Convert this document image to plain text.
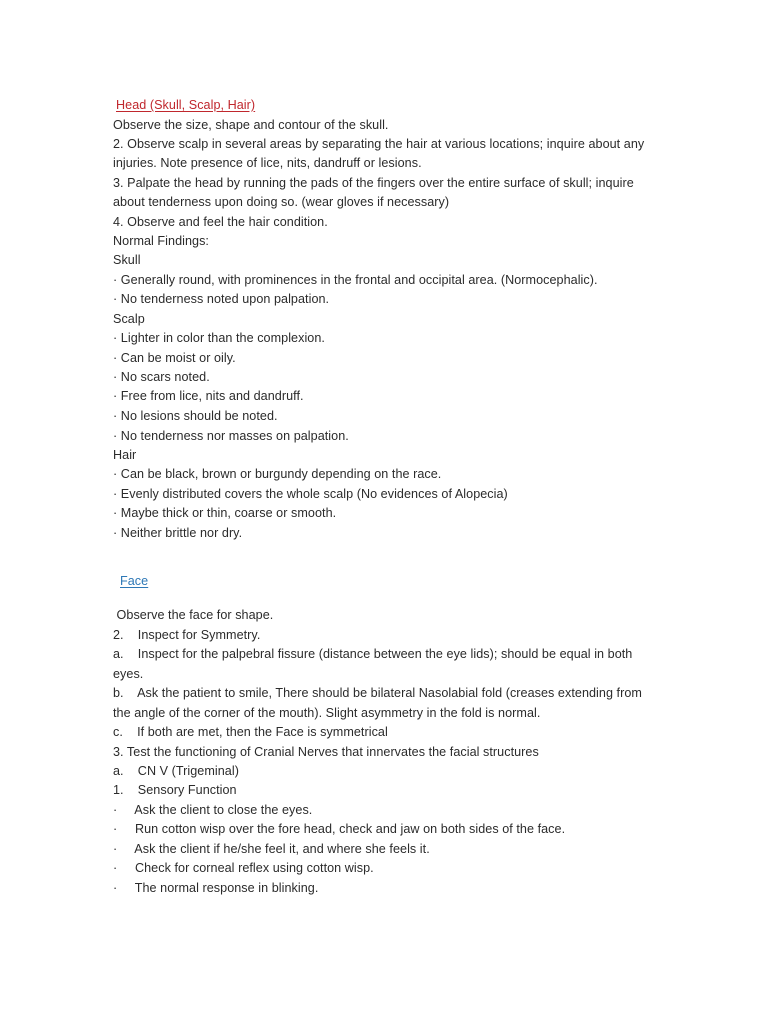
Head (Skull, Scalp, Hair)
Observe the size, shape and contour of the skull.
2. Observe scalp in several areas by separating the hair at various locations; inquire about any
injuries. Note presence of lice, nits, dandruff or lesions.
3. Palpate the head by running the pads of the fingers over the entire surface of skull; inquire
about tenderness upon doing so. (wear gloves if necessary)
4. Observe and feel the hair condition.
Normal Findings:
Skull
· Generally round, with prominences in the frontal and occipital area. (Normocephalic).
· No tenderness noted upon palpation.
Scalp
· Lighter in color than the complexion.
· Can be moist or oily.
· No scars noted.
· Free from lice, nits and dandruff.
· No lesions should be noted.
· No tenderness nor masses on palpation.
Hair
· Can be black, brown or burgundy depending on the race.
· Evenly distributed covers the whole scalp (No evidences of Alopecia)
· Maybe thick or thin, coarse or smooth.
· Neither brittle nor dry.
Face
Observe the face for shape.
2.    Inspect for Symmetry.
a.    Inspect for the palpebral fissure (distance between the eye lids); should be equal in both
eyes.
b.    Ask the patient to smile, There should be bilateral Nasolabial fold (creases extending from
the angle of the corner of the mouth). Slight asymmetry in the fold is normal.
c.    If both are met, then the Face is symmetrical
3. Test the functioning of Cranial Nerves that innervates the facial structures
a.    CN V (Trigeminal)
1.    Sensory Function
·     Ask the client to close the eyes.
·     Run cotton wisp over the fore head, check and jaw on both sides of the face.
·     Ask the client if he/she feel it, and where she feels it.
·     Check for corneal reflex using cotton wisp.
·     The normal response in blinking.
